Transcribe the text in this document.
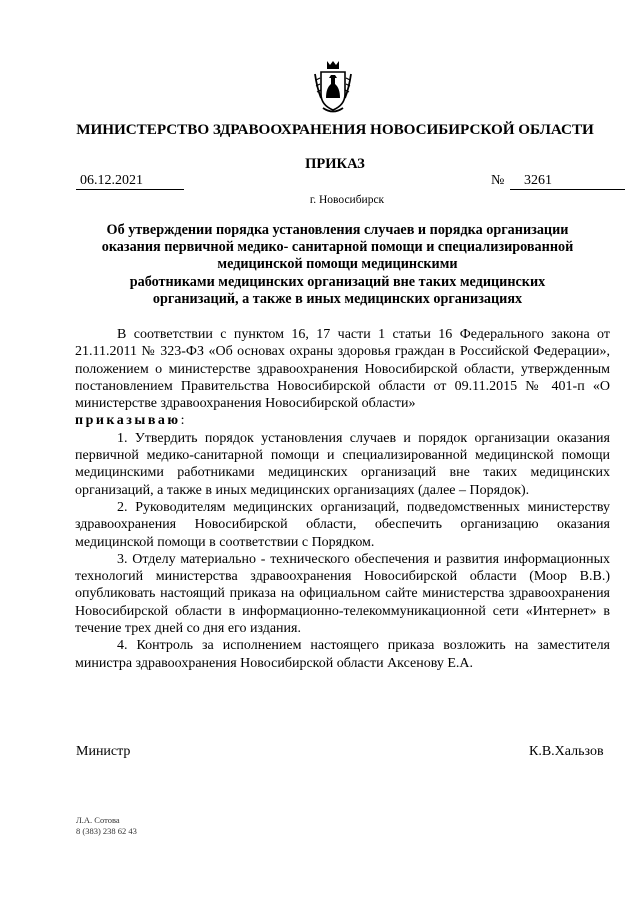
МИНИСТЕРСТВО ЗДРАВООХРАНЕНИЯ НОВОСИБИРСКОЙ ОБЛАСТИ
ПРИКАЗ
06.12.2021	№	3261
г. Новосибирск
Об утверждении порядка установления случаев и порядка организации
оказания первичной медико- санитарной помощи и специализированной
медицинской помощи медицинскими
работниками медицинских организаций вне таких медицинских
организаций, а также в иных медицинских организациях

В соответствии с пунктом 16, 17 части 1 статьи 16 Федерального закона от 21.11.2011 № 323-ФЗ «Об основах охраны здоровья граждан в Российской Федерации», положением о министерстве здравоохранения Новосибирской области, утвержденным постановлением Правительства Новосибирской области от 09.11.2015 № 401-п «О министерстве здравоохранения Новосибирской области»
приказываю:

1. Утвердить порядок установления случаев и порядок организации оказания первичной медико-санитарной помощи и специализированной медицинской помощи медицинскими работниками медицинских организаций вне таких медицинских организаций, а также в иных медицинских организациях (далее – Порядок).

2. Руководителям медицинских организаций, подведомственных министерству здравоохранения Новосибирской области, обеспечить организацию оказания медицинской помощи в соответствии с Порядком.

3. Отделу материально - технического обеспечения и развития информационных технологий министерства здравоохранения Новосибирской области (Моор В.В.) опубликовать настоящий приказа на официальном сайте министерства здравоохранения Новосибирской области в информационно-телекоммуникационной сети «Интернет» в течение трех дней со дня его издания.

4. Контроль за исполнением настоящего приказа возложить на заместителя министра здравоохранения Новосибирской области Аксенову Е.А.

Министр	К.В.Хальзов
Л.А. Сотова
8 (383) 238 62 43
